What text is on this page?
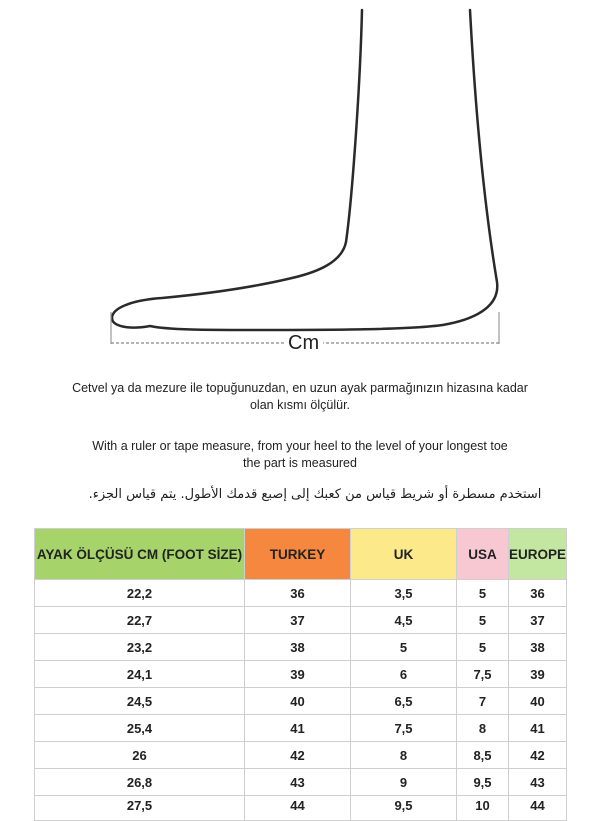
Cm
Cetvel ya da mezure ile topuğunuzdan, en uzun ayak parmağınızın hizasına kadar
olan kısmı ölçülür.
With a ruler or tape measure, from your heel to the level of your longest toe
the part is measured
استخدم مسطرة أو شريط قياس من كعبك إلى إصبع قدمك الأطول. يتم قياس الجزء.
AYAK ÖLÇÜSÜ CM (FOOT SİZE)	TURKEY	UK	USA	EUROPE
22,2	36	3,5	5	36
22,7	37	4,5	5	37
23,2	38	5	5	38
24,1	39	6	7,5	39
24,5	40	6,5	7	40
25,4	41	7,5	8	41
26	42	8	8,5	42
26,8	43	9	9,5	43
27,5	44	9,5	10	44
